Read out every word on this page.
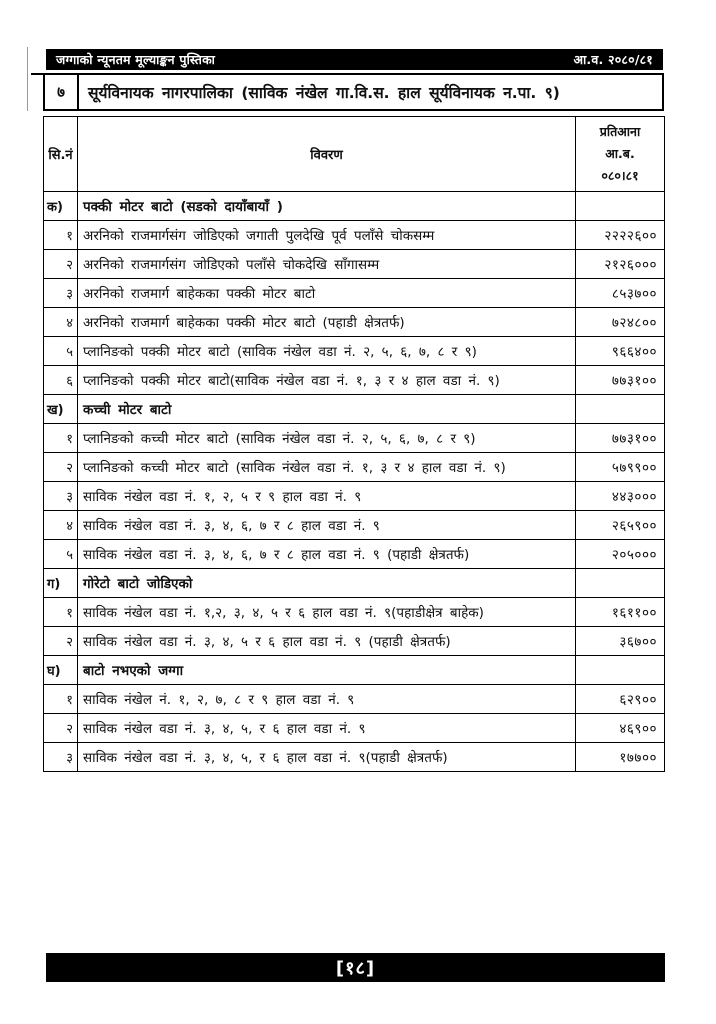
जग्गाको न्यूनतम मूल्याङ्कन पुस्तिका	आ.व. २०८०/८१
७	सूर्यविनायक नागरपालिका (साविक नंखेल गा.वि.स. हाल सूर्यविनायक न.पा. ९)
सि.नं	विवरण	प्रतिआना
आ.ब.
०८०।८१

क)	पक्की मोटर बाटो (सडको दायाँबायाँ )	
१	अरनिको राजमार्गसंग जोडिएको जगाती पुलदेखि पूर्व पलाँसे चोकसम्म	२२२२६००
२	अरनिको राजमार्गसंग जोडिएको पलाँसे चोकदेखि साँगासम्म	२१२६०००
३	अरनिको राजमार्ग बाहेकका पक्की मोटर बाटो	८५३७००
४	अरनिको राजमार्ग बाहेकका पक्की मोटर बाटो (पहाडी क्षेत्रतर्फ)	७२४८००
५	प्लानिङको पक्की मोटर बाटो (साविक नंखेल वडा नं. २, ५, ६, ७, ८ र ९)	९६६४००
६	प्लानिङको पक्की मोटर बाटो(साविक नंखेल वडा नं. १, ३ र ४ हाल वडा नं. ९)	७७३१००
ख)	कच्ची मोटर बाटो	
१	प्लानिङको कच्ची मोटर बाटो (साविक नंखेल वडा नं. २, ५, ६, ७, ८ र ९)	७७३१००
२	प्लानिङको कच्ची मोटर बाटो (साविक नंखेल वडा नं. १, ३ र ४ हाल वडा नं. ९)	५७९९००
३	साविक नंखेल वडा नं. १, २, ५ र ९ हाल वडा नं. ९	४४३०००
४	साविक नंखेल वडा नं. ३, ४, ६, ७ र ८ हाल वडा नं. ९	२६५९००
५	साविक नंखेल वडा नं. ३, ४, ६, ७ र ८ हाल वडा नं. ९ (पहाडी क्षेत्रतर्फ)	२०५०००
ग)	गोरेटो बाटो जोडिएको	
१	साविक नंखेल वडा नं. १,२, ३, ४, ५ र ६ हाल वडा नं. ९(पहाडीक्षेत्र बाहेक)	१६११००
२	साविक नंखेल वडा नं. ३, ४, ५ र ६ हाल वडा नं. ९ (पहाडी क्षेत्रतर्फ)	३६७००
घ)	बाटो नभएको जग्गा	
१	साविक नंखेल नं. १, २, ७, ८ र ९ हाल वडा नं. ९	६२९००
२	साविक नंखेल वडा नं. ३, ४, ५, र ६ हाल वडा नं. ९	४६९००
३	साविक नंखेल वडा नं. ३, ४, ५, र ६ हाल वडा नं. ९(पहाडी क्षेत्रतर्फ)	१७७००
[१८]
